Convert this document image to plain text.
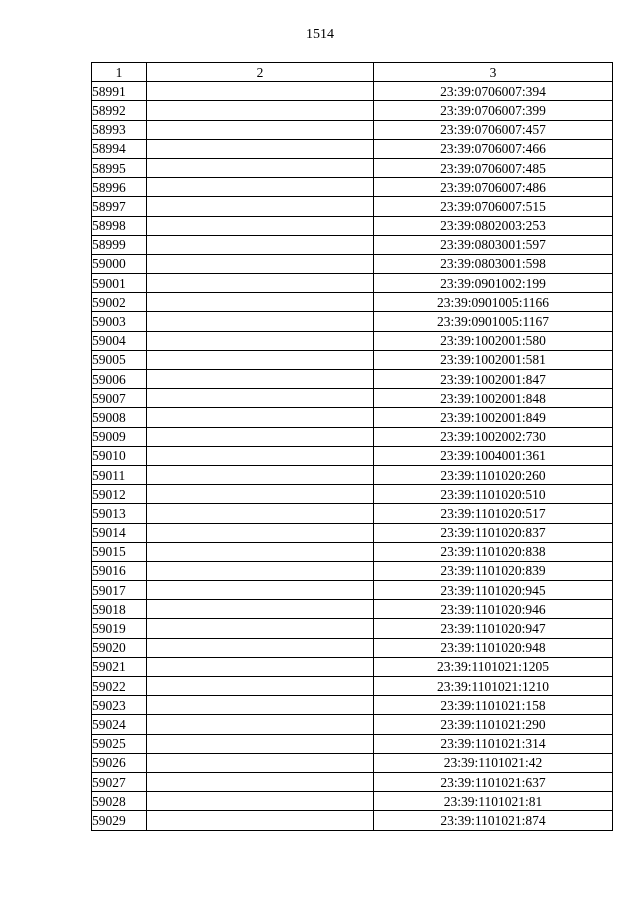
1514
1	2	3
58991		23:39:0706007:394
58992		23:39:0706007:399
58993		23:39:0706007:457
58994		23:39:0706007:466
58995		23:39:0706007:485
58996		23:39:0706007:486
58997		23:39:0706007:515
58998		23:39:0802003:253
58999		23:39:0803001:597
59000		23:39:0803001:598
59001		23:39:0901002:199
59002		23:39:0901005:1166
59003		23:39:0901005:1167
59004		23:39:1002001:580
59005		23:39:1002001:581
59006		23:39:1002001:847
59007		23:39:1002001:848
59008		23:39:1002001:849
59009		23:39:1002002:730
59010		23:39:1004001:361
59011		23:39:1101020:260
59012		23:39:1101020:510
59013		23:39:1101020:517
59014		23:39:1101020:837
59015		23:39:1101020:838
59016		23:39:1101020:839
59017		23:39:1101020:945
59018		23:39:1101020:946
59019		23:39:1101020:947
59020		23:39:1101020:948
59021		23:39:1101021:1205
59022		23:39:1101021:1210
59023		23:39:1101021:158
59024		23:39:1101021:290
59025		23:39:1101021:314
59026		23:39:1101021:42
59027		23:39:1101021:637
59028		23:39:1101021:81
59029		23:39:1101021:874
